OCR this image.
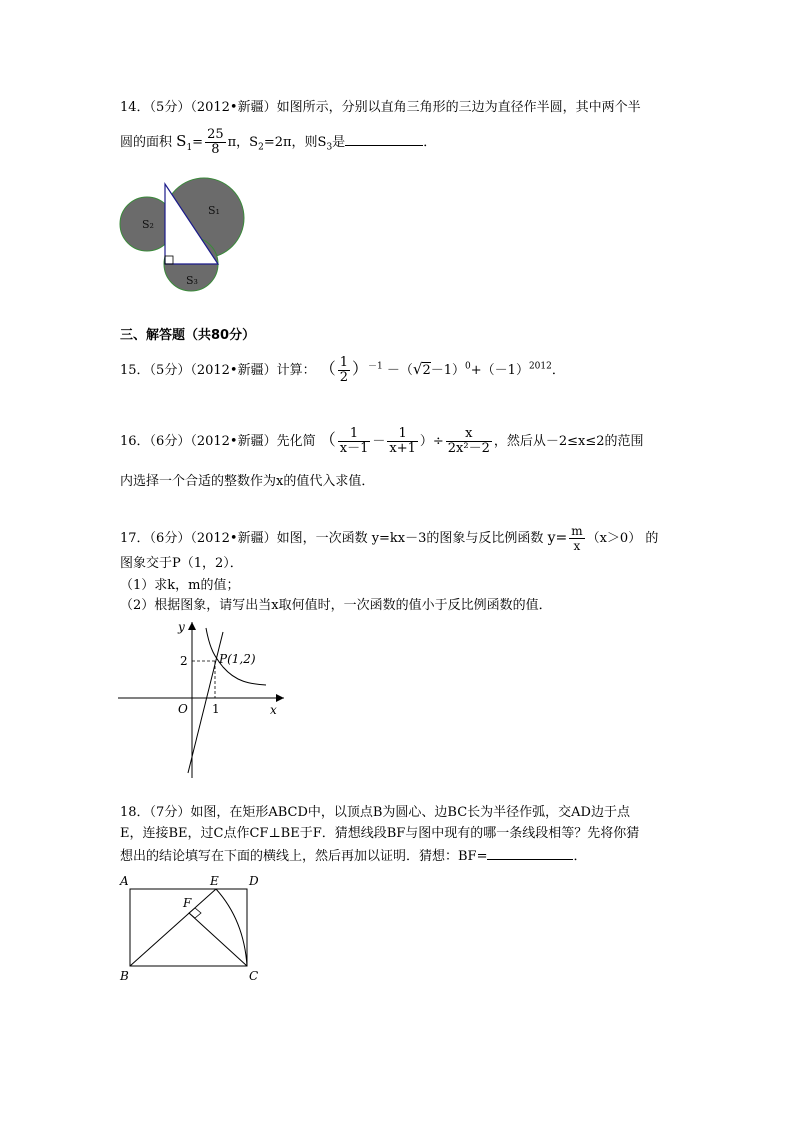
14．（5分）（2012•新疆）如图所示，分别以直角三角形的三边为直径作半圆，其中两个半
圆的面积 $S_1= \frac{25}{8}$ π，$S_2=2\pi$，则$S_3$是	．
S₁
S₂
S₃
三、解答题（共80分）
15．（5分）（2012•新疆）计算： （ $\frac{1}{2} )^{-1} -(√2-1)^0+(-1)^{2012}$．
16．（6分）（2012•新疆）先化简 （ $\frac{1}{x-1} - \frac{1}{x+1}$ ）÷ $\frac{x}{\text{2x²－2}}$ ，然后从－2≤x≤2的范围
内选择一个合适的整数作为x的值代入求值．
17．（6分）（2012•新疆）如图，一次函数 y=kx－3的图象与反比例函数 $y= \frac{m}{x} (x>0)$ 的
图象交于P（1，2）．
（1）求k，m的值；
（2）根据图象，请写出当x取何值时，一次函数的值小于反比例函数的值．
y
x
O
2
1
P(1,2)
18．（7分）如图，在矩形ABCD中，以顶点B为圆心、边BC长为半径作弧，交AD边于点
E，连接BE，过C点作CF⊥BE于F．猜想线段BF与图中现有的哪一条线段相等？先将你猜
想出的结论填写在下面的横线上，然后再加以证明．猜想：BF=	．
A	D
E
F
B	C
